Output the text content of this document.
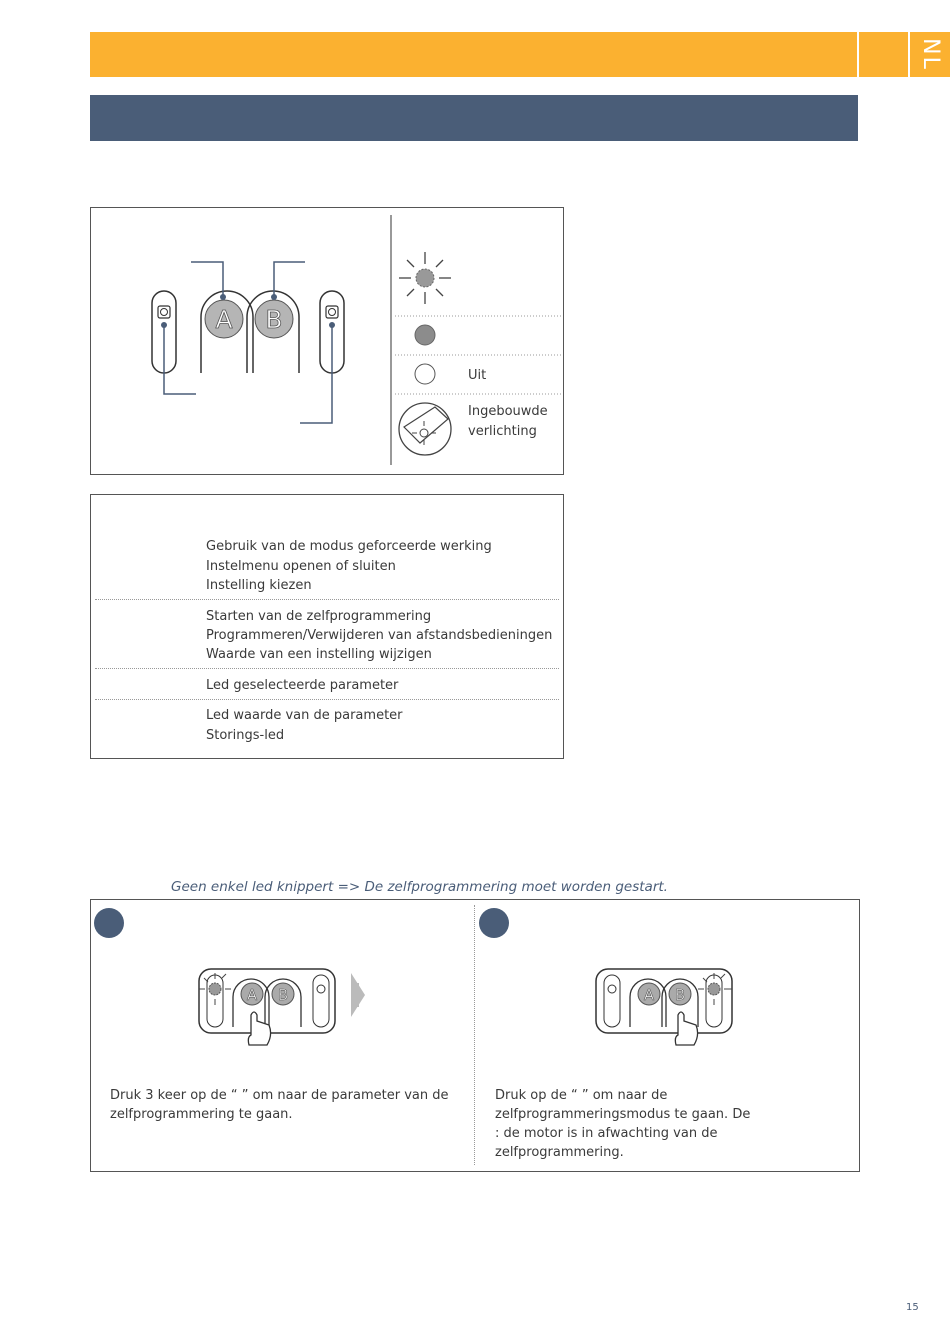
NL
A B
Uit
Ingebouwde
verlichting
Gebruik van de modus geforceerde werking
Instelmenu openen of sluiten
Instelling kiezen
Starten van de zelfprogrammering
Programmeren/Verwijderen van afstandsbedieningen
Waarde van een instelling wijzigen
Led geselecteerde parameter
Led waarde van de parameter
Storings-led
Geen enkel led knippert => De zelfprogrammering moet worden gestart.
A B	A B
Druk 3 keer op de “ ” om naar de parameter van de
zelfprogrammering te gaan.
Druk op de “ ” om naar de
zelfprogrammeringsmodus te gaan. De
: de motor is in afwachting van de
zelfprogrammering.
15
